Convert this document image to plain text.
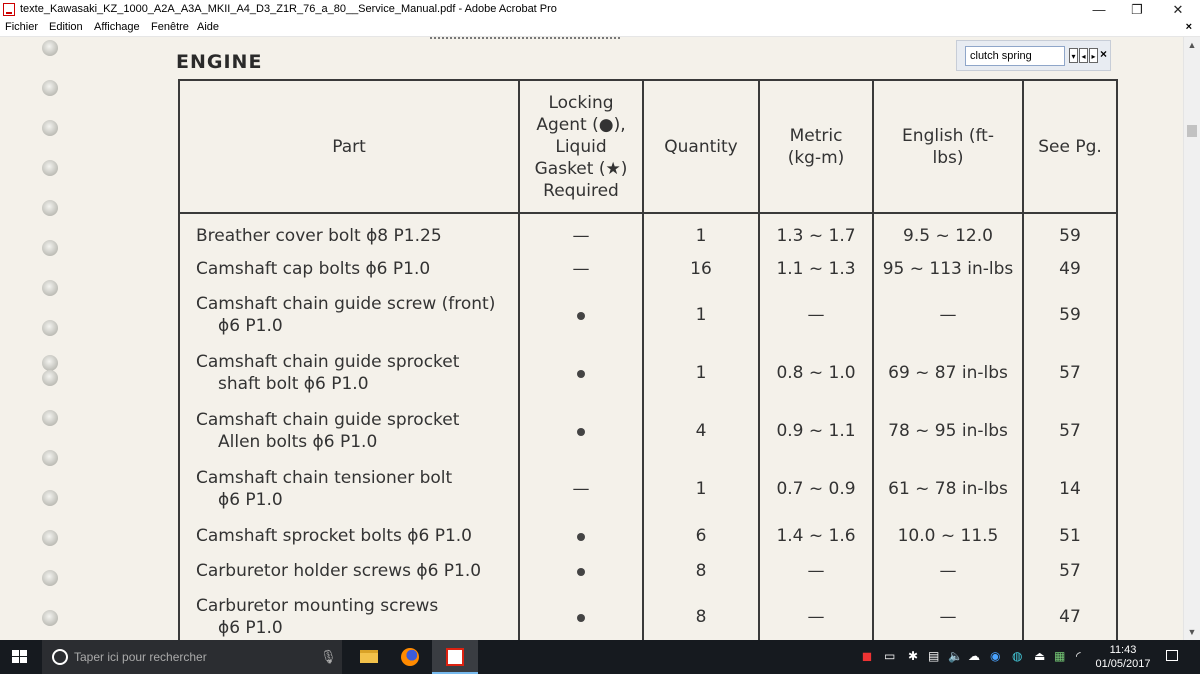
texte_Kawasaki_KZ_1000_A2A_A3A_MKII_A4_D3_Z1R_76_a_80__Service_Manual.pdf - Adobe Acrobat Pro	—	❐	✕
Fichier Edition Affichage Fenêtre Aide	×
ENGINE
Part	Locking Agent (●), Liquid Gasket (★) Required	Quantity	Metric (kg-m)	English (ft-lbs)	See Pg.

Breather cover bolt ϕ8 P1.25	—	1	1.3 ~ 1.7	9.5 ~ 12.0	59

Camshaft cap bolts ϕ6 P1.0	—	16	1.1 ~ 1.3	95 ~ 113 in-lbs	49

Camshaft chain guide screw (front)
ϕ6 P1.0		1	—	—	59

Camshaft chain guide sprocket
shaft bolt ϕ6 P1.0		1	0.8 ~ 1.0	69 ~ 87 in-lbs	57

Camshaft chain guide sprocket
Allen bolts ϕ6 P1.0		4	0.9 ~ 1.1	78 ~ 95 in-lbs	57

Camshaft chain tensioner bolt
ϕ6 P1.0	—	1	0.7 ~ 0.9	61 ~ 78 in-lbs	14

Camshaft sprocket bolts ϕ6 P1.0		6	1.4 ~ 1.6	10.0 ~ 11.5	51

Carburetor holder screws ϕ6 P1.0		8	—	—	57

Carburetor mounting screws
ϕ6 P1.0		8	—	—	47
clutch spring
▾ ◂ ▸ ×
▲
▼
Taper ici pour rechercher	🎙	◼ ▭ ✱ ▤ 🔈 ☁ ◉ ◍ ⏏ ▦ ◜	11:43
01/05/2017
